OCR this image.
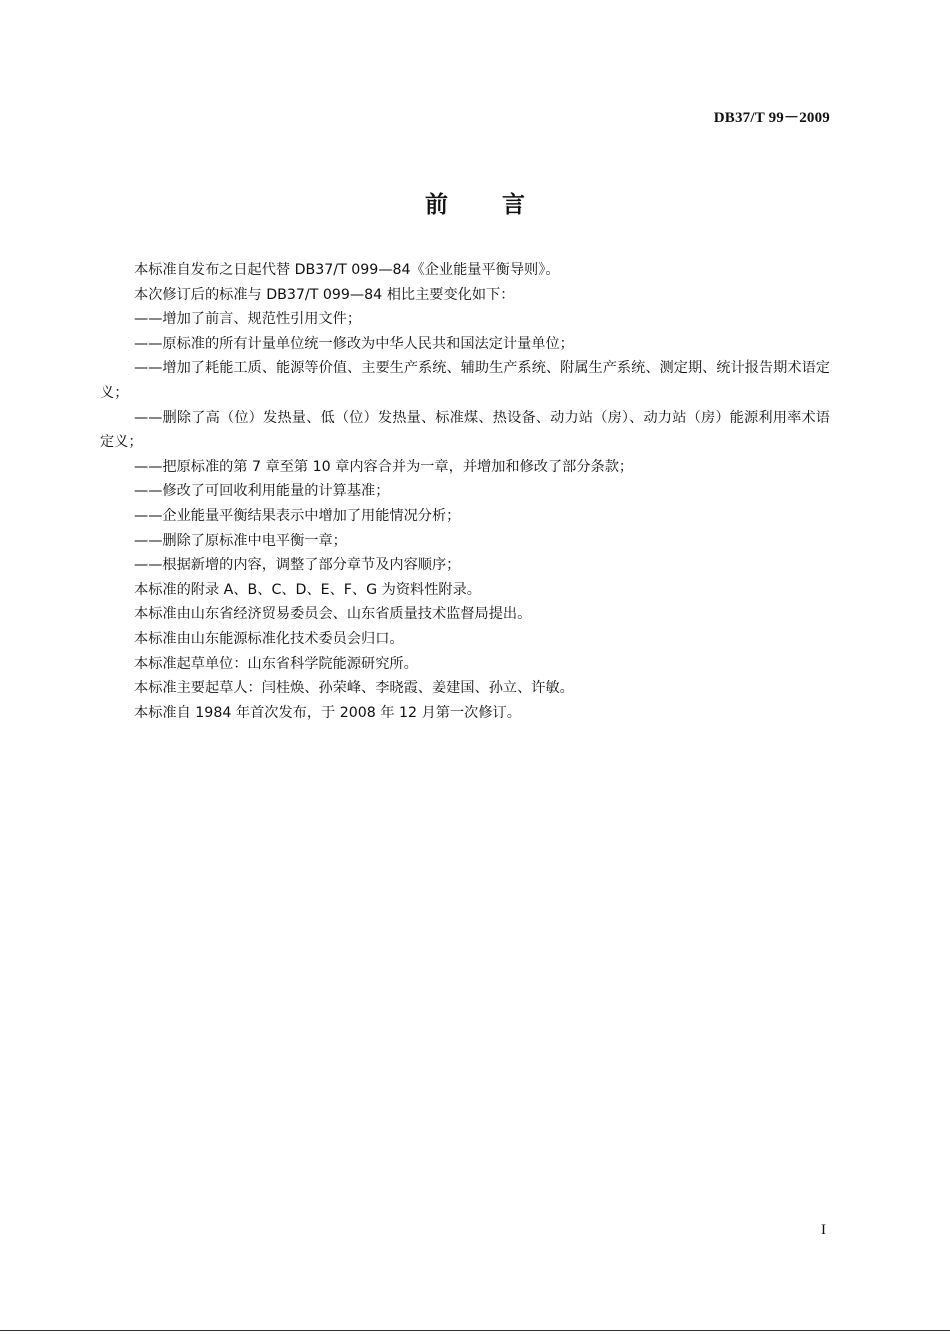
DB37/T 99－2009
前言

本标准自发布之日起代替 DB37/T 099—84《企业能量平衡导则》。

本次修订后的标准与 DB37/T 099—84 相比主要变化如下：

——增加了前言、规范性引用文件；

——原标准的所有计量单位统一修改为中华人民共和国法定计量单位；

——增加了耗能工质、能源等价值、主要生产系统、辅助生产系统、附属生产系统、测定期、统计报告期术语定义；

——删除了高（位）发热量、低（位）发热量、标准煤、热设备、动力站（房）、动力站（房）能源利用率术语定义；

——把原标准的第 7 章至第 10 章内容合并为一章，并增加和修改了部分条款；

——修改了可回收利用能量的计算基准；

——企业能量平衡结果表示中增加了用能情况分析；

——删除了原标准中电平衡一章；

——根据新增的内容，调整了部分章节及内容顺序；

本标准的附录 A、B、C、D、E、F、G 为资料性附录。

本标准由山东省经济贸易委员会、山东省质量技术监督局提出。

本标准由山东能源标准化技术委员会归口。

本标准起草单位：山东省科学院能源研究所。

本标准主要起草人：闫桂焕、孙荣峰、李晓霞、姜建国、孙立、许敏。

本标准自 1984 年首次发布，于 2008 年 12 月第一次修订。

I
